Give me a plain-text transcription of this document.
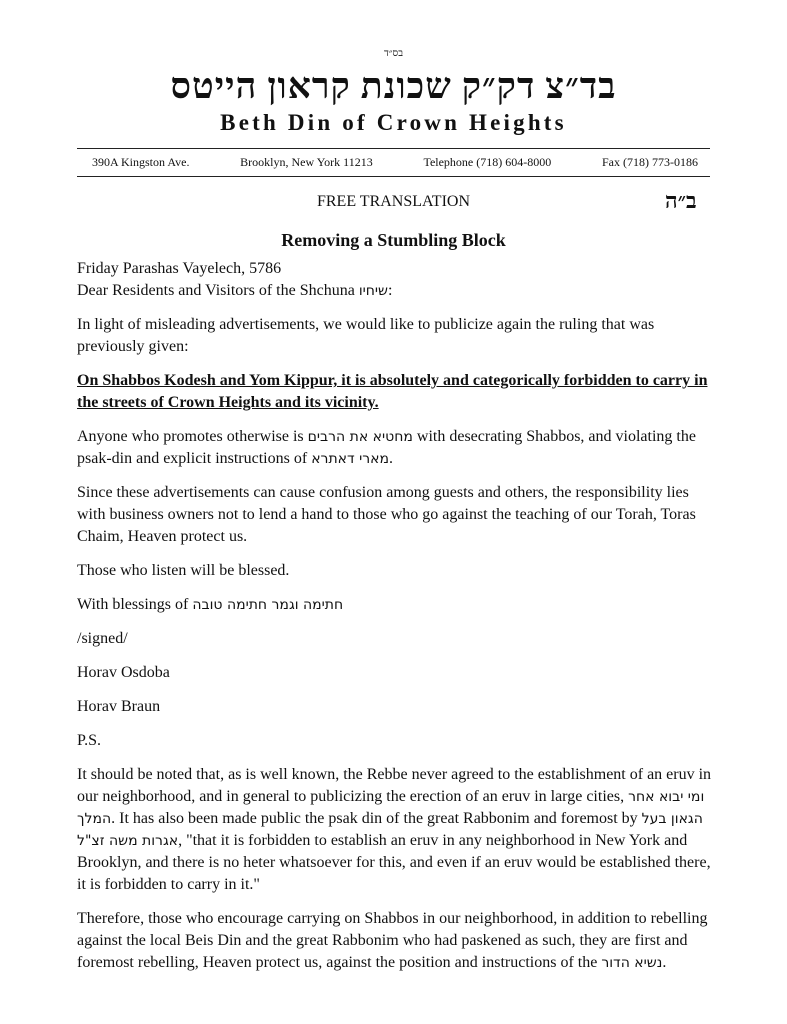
בס״ד
בד״צ דק״ק שכונת קראון הייטס
Beth Din of Crown Heights
390A Kingston Ave.	Brooklyn, New York 11213	Telephone (718) 604-8000	Fax (718) 773-0186
FREE TRANSLATION	ב״ה
Removing a Stumbling Block

Friday Parashas Vayelech, 5786

Dear Residents and Visitors of the Shchuna שיחיו:

In light of misleading advertisements, we would like to publicize again the ruling that was previously given:

On Shabbos Kodesh and Yom Kippur, it is absolutely and categorically forbidden to carry in the streets of Crown Heights and its vicinity.

Anyone who promotes otherwise is מחטיא את הרבים with desecrating Shabbos, and violating the psak-din and explicit instructions of מארי דאתרא.

Since these advertisements can cause confusion among guests and others, the responsibility lies with business owners not to lend a hand to those who go against the teaching of our Torah, Toras Chaim, Heaven protect us.

Those who listen will be blessed.

With blessings of חתימה וגמר חתימה טובה

/signed/

Horav Osdoba

Horav Braun

P.S.

It should be noted that, as is well known, the Rebbe never agreed to the establishment of an eruv in our neighborhood, and in general to publicizing the erection of an eruv in large cities, ומי יבוא אחר המלך. It has also been made public the psak din of the great Rabbonim and foremost by הגאון בעל אגרות משה זצ"ל, "that it is forbidden to establish an eruv in any neighborhood in New York and Brooklyn, and there is no heter whatsoever for this, and even if an eruv would be established there, it is forbidden to carry in it."

Therefore, those who encourage carrying on Shabbos in our neighborhood, in addition to rebelling against the local Beis Din and the great Rabbonim who had paskened as such, they are first and foremost rebelling, Heaven protect us, against the position and instructions of the נשיא הדור.
